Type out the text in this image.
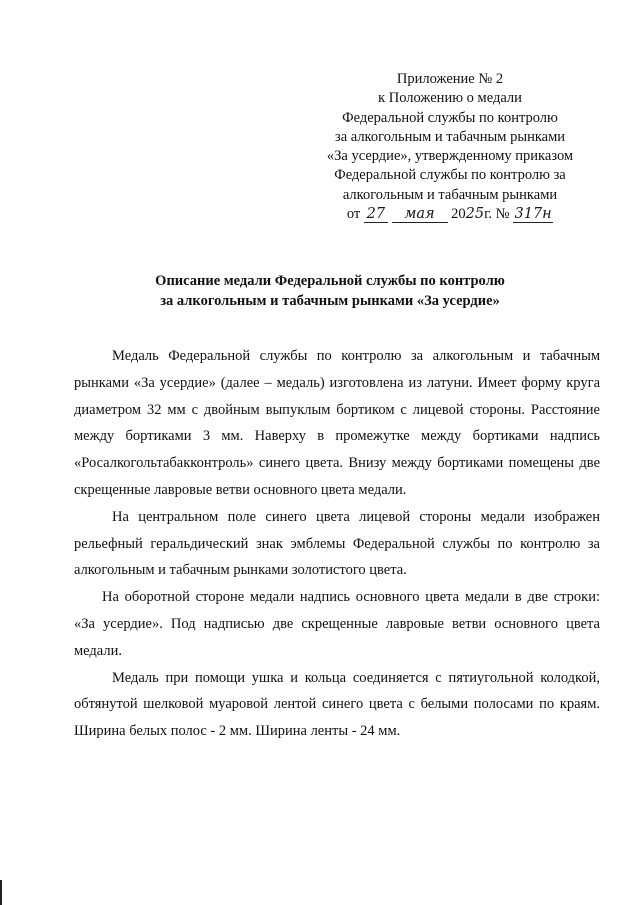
Приложение № 2
к Положению о медали
Федеральной службы по контролю
за алкогольным и табачным рынками
«За усердие», утвержденному приказом
Федеральной службы по контролю за
алкогольным и табачным рынками
от 27 мая 2025г. № 317н
Описание медали Федеральной службы по контролю
за алкогольным и табачным рынками «За усердие»

Медаль Федеральной службы по контролю за алкогольным и табачным рынками «За усердие» (далее – медаль) изготовлена из латуни. Имеет форму круга диаметром 32 мм с двойным выпуклым бортиком с лицевой стороны. Расстояние между бортиками 3 мм. Наверху в промежутке между бортиками надпись «Росалкогольтабакконтроль» синего цвета. Внизу между бортиками помещены две скрещенные лавровые ветви основного цвета медали.

На центральном поле синего цвета лицевой стороны медали изображен рельефный геральдический знак эмблемы Федеральной службы по контролю за алкогольным и табачным рынками золотистого цвета.

На оборотной стороне медали надпись основного цвета медали в две строки: «За усердие». Под надписью две скрещенные лавровые ветви основного цвета медали.

Медаль при помощи ушка и кольца соединяется с пятиугольной колодкой, обтянутой шелковой муаровой лентой синего цвета с белыми полосами по краям. Ширина белых полос - 2 мм. Ширина ленты - 24 мм.
